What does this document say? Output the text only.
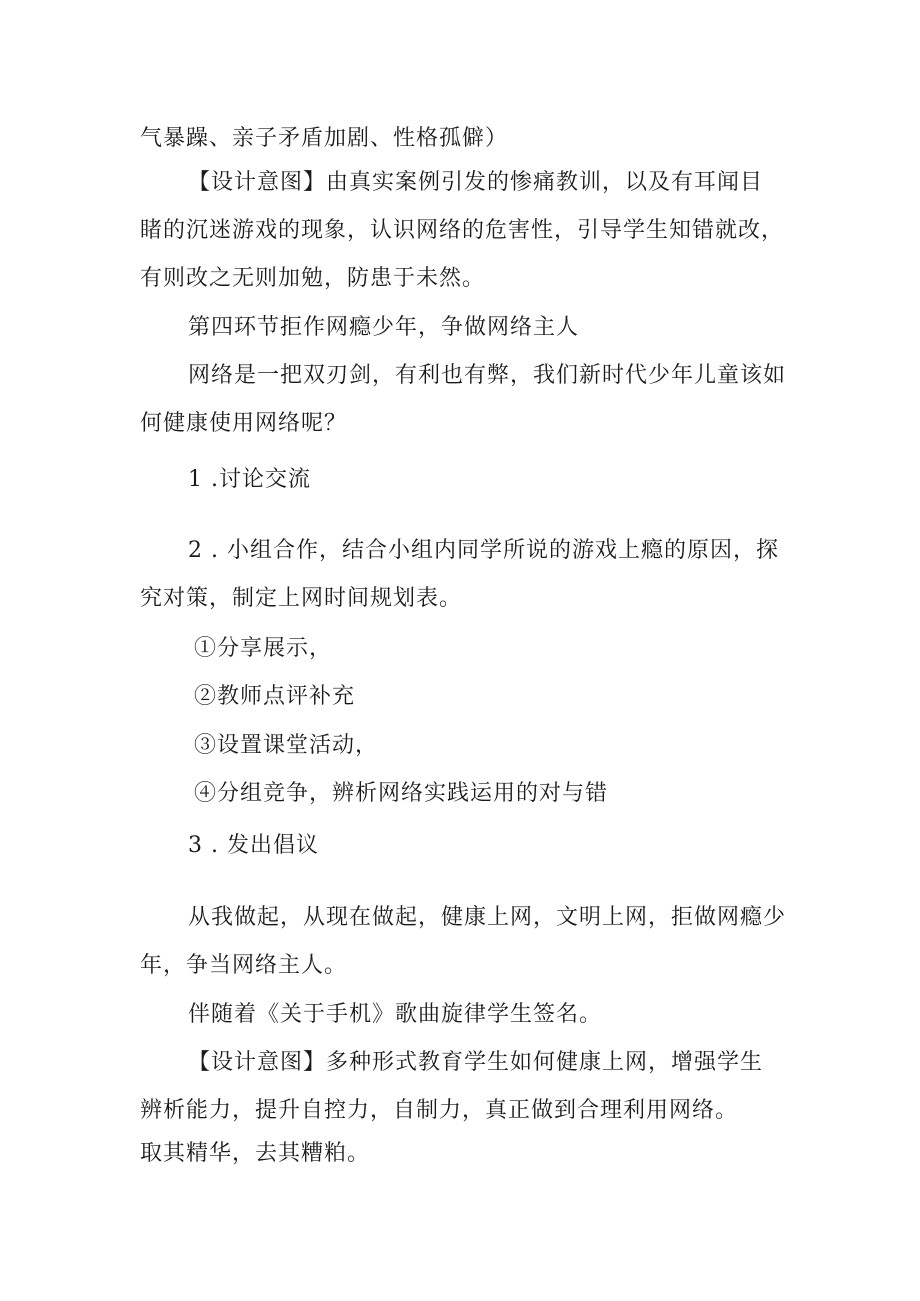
气暴躁、亲子矛盾加剧、性格孤僻）
【设计意图】由真实案例引发的惨痛教训，以及有耳闻目
睹的沉迷游戏的现象，认识网络的危害性，引导学生知错就改，
有则改之无则加勉，防患于未然。
第四环节拒作网瘾少年，争做网络主人
网络是一把双刃剑，有利也有弊，我们新时代少年儿童该如
何健康使用网络呢？
1 .讨论交流
2 . 小组合作，结合小组内同学所说的游戏上瘾的原因，探
究对策，制定上网时间规划表。
①分享展示，
②教师点评补充
③设置课堂活动，
④分组竞争，辨析网络实践运用的对与错
3 . 发出倡议
从我做起，从现在做起，健康上网，文明上网，拒做网瘾少
年，争当网络主人。
伴随着《关于手机》歌曲旋律学生签名。
【设计意图】多种形式教育学生如何健康上网，增强学生
辨析能力，提升自控力，自制力，真正做到合理利用网络。
取其精华，去其糟粕。
